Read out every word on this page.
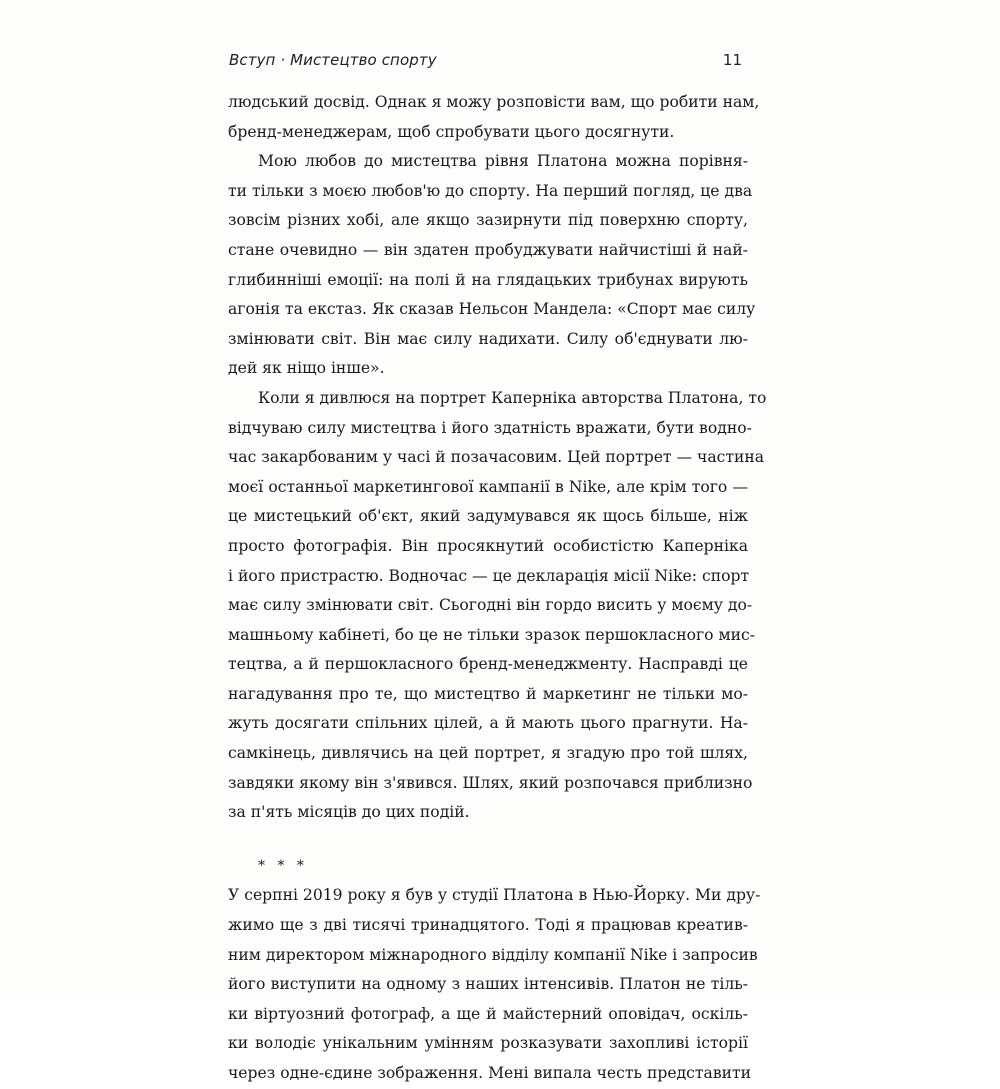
Вступ · Мистецтво спорту	11
людський досвід. Однак я можу розповісти вам, що робити нам,
бренд-менеджерам, щоб спробувати цього досягнути.
Мою любов до мистецтва рівня Платона можна порівня-
ти тільки з моєю любов'ю до спорту. На перший погляд, це два
зовсім різних хобі, але якщо зазирнути під поверхню спорту,
стане очевидно — він здатен пробуджувати найчистіші й най-
глибинніші емоції: на полі й на глядацьких трибунах вирують
агонія та екстаз. Як сказав Нельсон Мандела: «Спорт має силу
змінювати світ. Він має силу надихати. Силу об'єднувати лю-
дей як ніщо інше».
Коли я дивлюся на портрет Каперніка авторства Платона, то
відчуваю силу мистецтва і його здатність вражати, бути водно-
час закарбованим у часі й позачасовим. Цей портрет — частина
моєї останньої маркетингової кампанії в Nike, але крім того —
це мистецький об'єкт, який задумувався як щось більше, ніж
просто фотографія. Він просякнутий особистістю Каперніка
і його пристрастю. Водночас — це декларація місії Nike: спорт
має силу змінювати світ. Сьогодні він гордо висить у моєму до-
машньому кабінеті, бо це не тільки зразок першокласного мис-
тецтва, а й першокласного бренд-менеджменту. Насправді це
нагадування про те, що мистецтво й маркетинг не тільки мо-
жуть досягати спільних цілей, а й мають цього прагнути. На-
самкінець, дивлячись на цей портрет, я згадую про той шлях,
завдяки якому він з'явився. Шлях, який розпочався приблизно
за п'ять місяців до цих подій.
* * *
У серпні 2019 року я був у студії Платона в Нью-Йорку. Ми дру-
жимо ще з дві тисячі тринадцятого. Тоді я працював креатив-
ним директором міжнародного відділу компанії Nike і запросив
його виступити на одному з наших інтенсивів. Платон не тіль-
ки віртуозний фотограф, а ще й майстерний оповідач, оскіль-
ки володіє унікальним умінням розказувати захопливі історії
через одне-єдине зображення. Мені випала честь представити
